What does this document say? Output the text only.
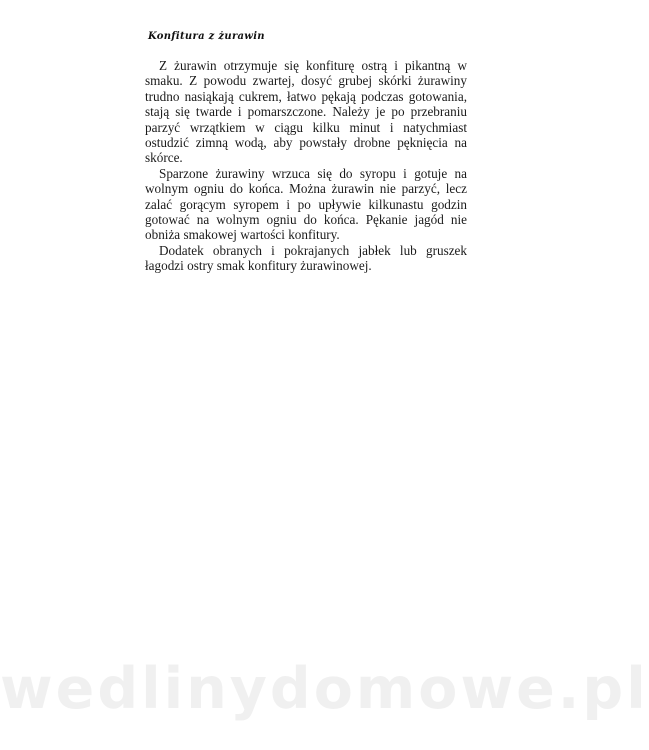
Konfitura z żurawin

Z żurawin otrzymuje się konfiturę ostrą i pikantną w smaku. Z powodu zwartej, dosyć grubej skórki żurawiny trudno nasiąkają cukrem, łatwo pękają podczas gotowania, stają się twarde i pomarszczone. Należy je po przebraniu parzyć wrzątkiem w ciągu kilku minut i natychmiast ostudzić zimną wodą, aby powstały drobne pęknięcia na skórce.

Sparzone żurawiny wrzuca się do syropu i gotuje na wolnym ogniu do końca. Można żurawin nie parzyć, lecz zalać gorącym syropem i po upływie kilkunastu godzin gotować na wolnym ogniu do końca. Pękanie jagód nie obniża smakowej wartości konfitury.

Dodatek obranych i pokrajanych jabłek lub gruszek łagodzi ostry smak konfitury żurawinowej.

wedlinydomowe.pl
